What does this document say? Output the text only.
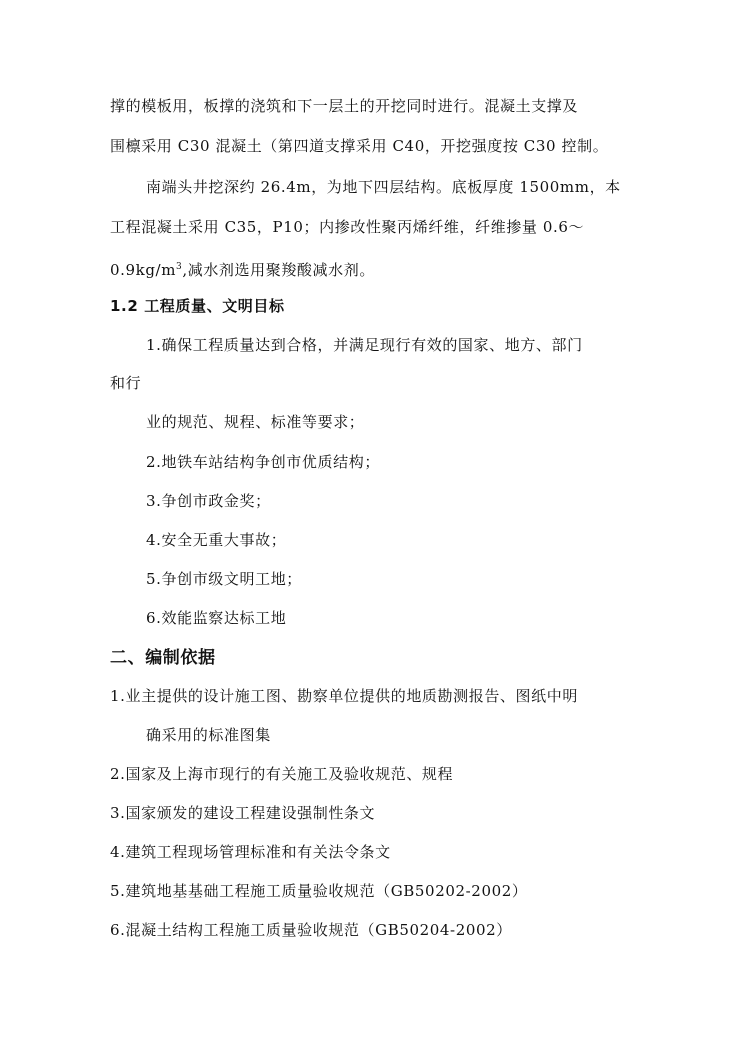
撑的模板用，板撑的浇筑和下一层土的开挖同时进行。混凝土支撑及
围檩采用 C30 混凝土（第四道支撑采用 C40，开挖强度按 C30 控制。
南端头井挖深约 26.4m，为地下四层结构。底板厚度 1500mm，本
工程混凝土采用 C35，P10；内掺改性聚丙烯纤维，纤维掺量 0.6～
$0.9kg/m^3$,减水剂选用聚羧酸减水剂。
1.2 工程质量、文明目标
1.确保工程质量达到合格，并满足现行有效的国家、地方、部门
和行
业的规范、规程、标准等要求；
2.地铁车站结构争创市优质结构；
3.争创市政金奖；
4.安全无重大事故；
5.争创市级文明工地；
6.效能监察达标工地
二、编制依据
1.业主提供的设计施工图、勘察单位提供的地质勘测报告、图纸中明
确采用的标准图集
2.国家及上海市现行的有关施工及验收规范、规程
3.国家颁发的建设工程建设强制性条文
4.建筑工程现场管理标准和有关法令条文
5.建筑地基基础工程施工质量验收规范（GB50202-2002）
6.混凝土结构工程施工质量验收规范（GB50204-2002）
